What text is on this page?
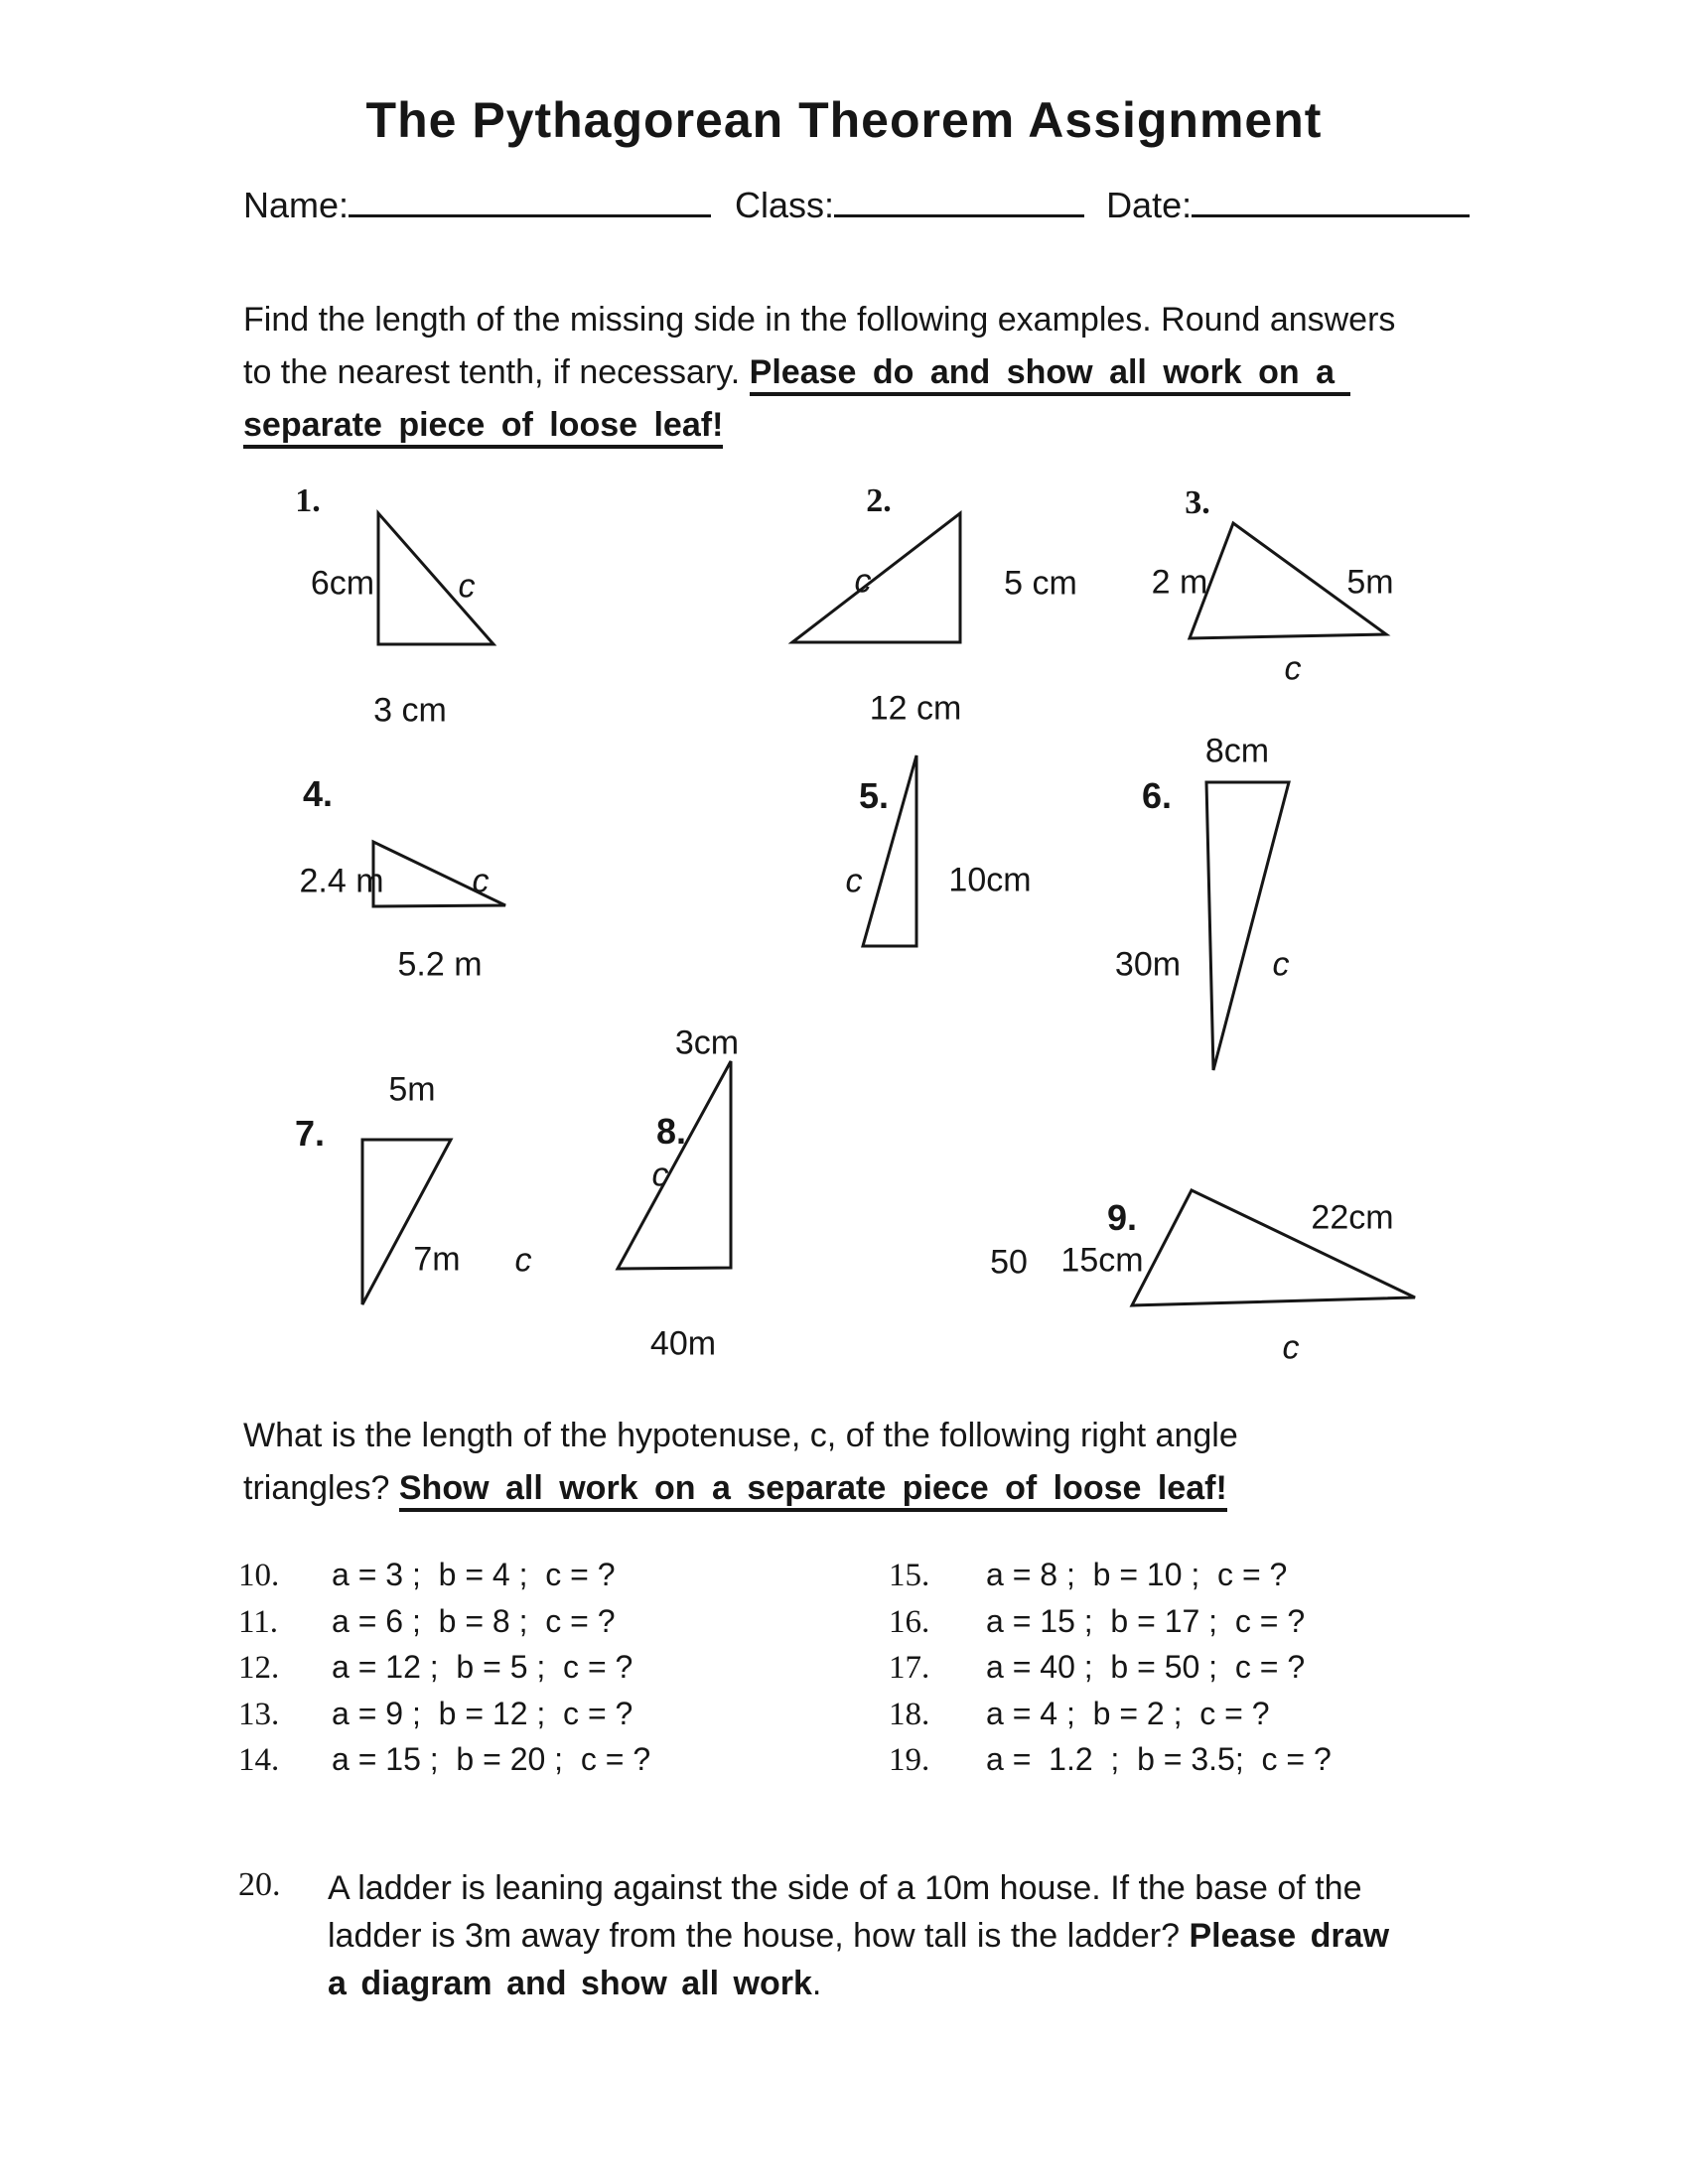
The Pythagorean Theorem Assignment
Name:	Class:	Date:
Find the length of the missing side in the following examples. Round answers
to the nearest tenth, if necessary. Please do and show all work on a
separate piece of loose leaf!
1.
6cm c
3 cm
2.
c	5 cm
12 cm
3.
2 m	5m
c
4.
2.4 m	c
5.2 m
5.
c	10cm
6.
8cm
30m	c
5m
7.
7m c
3cm
8.
c
40m
50
9.
15cm
22cm
c
What is the length of the hypotenuse, c, of the following right angle
triangles? Show all work on a separate piece of loose leaf!
10. a = 3 ;  b = 4 ;  c = ?
11. a = 6 ;  b = 8 ;  c = ?
12. a = 12 ;  b = 5 ;  c = ?
13. a = 9 ;  b = 12 ;  c = ?
14. a = 15 ;  b = 20 ;  c = ?
15. a = 8 ;  b = 10 ;  c = ?
16. a = 15 ;  b = 17 ;  c = ?
17. a = 40 ;  b = 50 ;  c = ?
18. a = 4 ;  b = 2 ;  c = ?
19. a =  1.2  ;  b = 3.5;  c = ?
20. A ladder is leaning against the side of a 10m house. If the base of the
ladder is 3m away from the house, how tall is the ladder? Please draw
a diagram and show all work.
